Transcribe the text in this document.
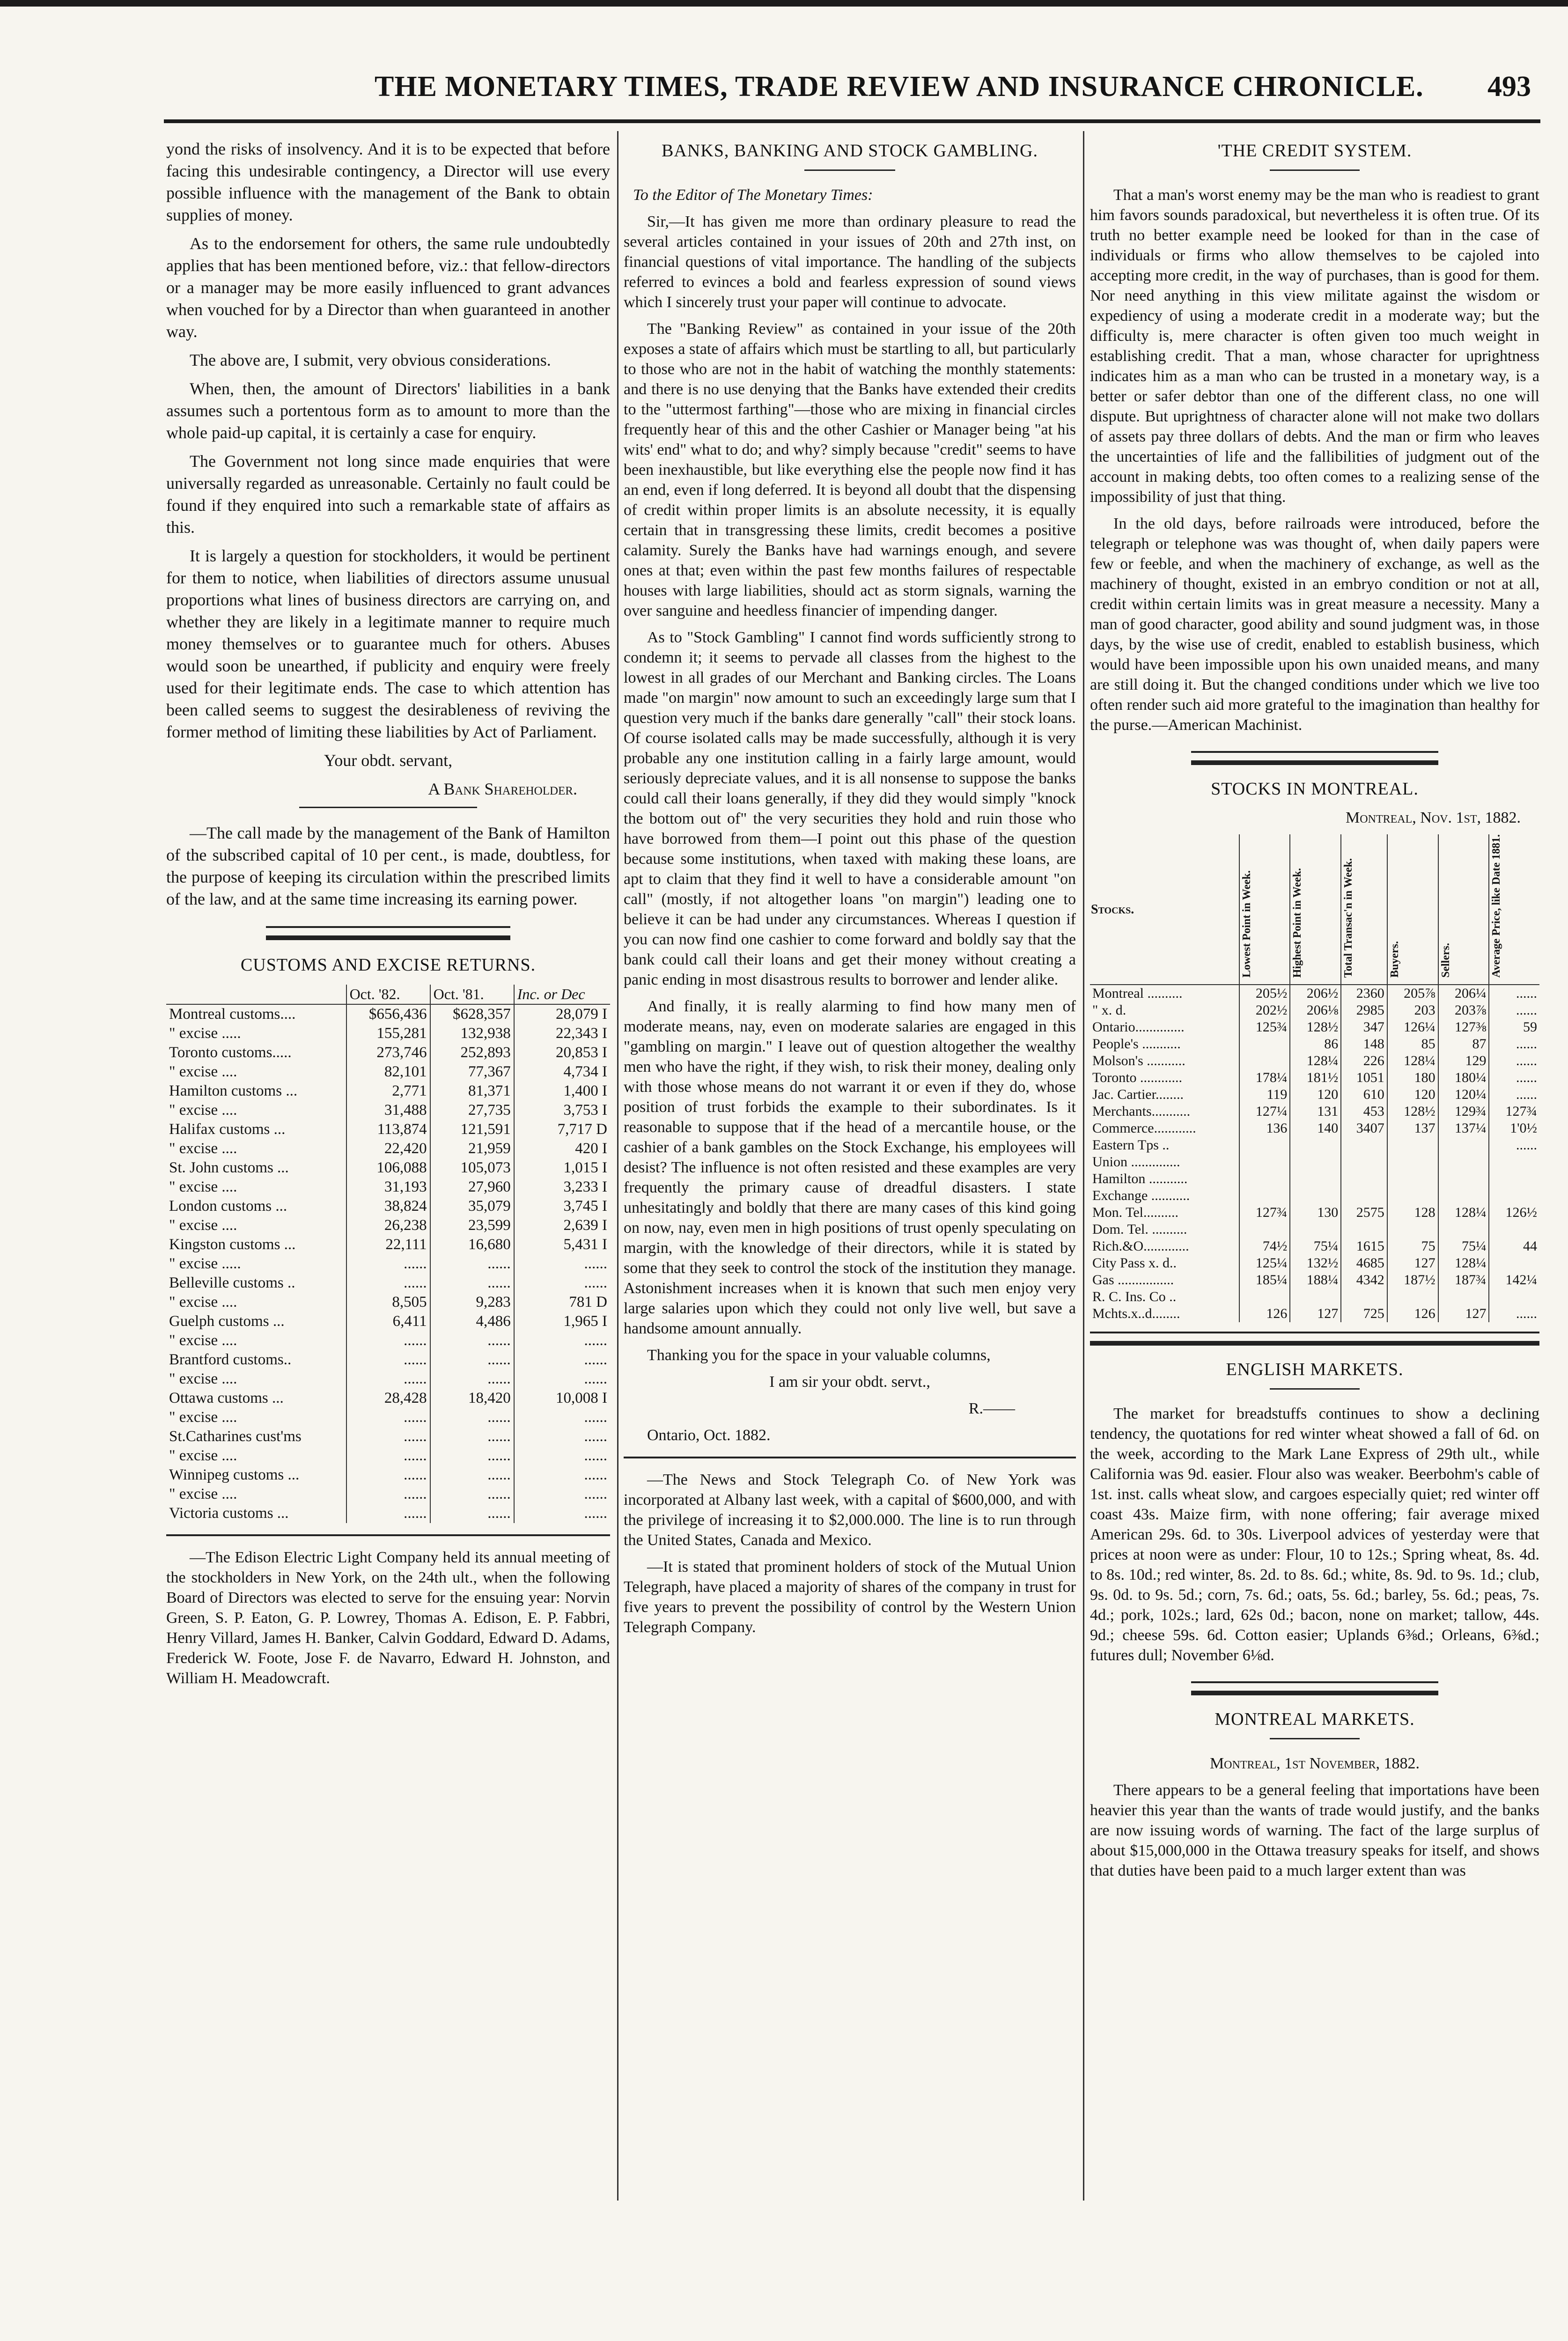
THE MONETARY TIMES, TRADE REVIEW AND INSURANCE CHRONICLE. 493

yond the risks of insolvency. And it is to be expected that before facing this undesirable contingency, a Director will use every possible influence with the management of the Bank to obtain supplies of money.

As to the endorsement for others, the same rule undoubtedly applies that has been mentioned before, viz.: that fellow-directors or a manager may be more easily influenced to grant advances when vouched for by a Director than when guaranteed in another way.

The above are, I submit, very obvious considerations.

When, then, the amount of Directors' liabilities in a bank assumes such a portentous form as to amount to more than the whole paid-up capital, it is certainly a case for enquiry.

The Government not long since made enquiries that were universally regarded as unreasonable. Certainly no fault could be found if they enquired into such a remarkable state of affairs as this.

It is largely a question for stockholders, it would be pertinent for them to notice, when liabilities of directors assume unusual proportions what lines of business directors are carrying on, and whether they are likely in a legitimate manner to require much money themselves or to guarantee much for others. Abuses would soon be unearthed, if publicity and enquiry were freely used for their legitimate ends. The case to which attention has been called seems to suggest the desirableness of reviving the former method of limiting these liabilities by Act of Parliament.

Your obdt. servant,

A Bank Shareholder.

—The call made by the management of the Bank of Hamilton of the subscribed capital of 10 per cent., is made, doubtless, for the purpose of keeping its circulation within the prescribed limits of the law, and at the same time increasing its earning power.

CUSTOMS AND EXCISE RETURNS.
	Oct. '82.	Oct. '81.	Inc. or Dec
Montreal customs....	$656,436	$628,357	28,079 I
" excise .....	155,281	132,938	22,343 I
Toronto customs.....	273,746	252,893	20,853 I
" excise ....	82,101	77,367	4,734 I
Hamilton customs ...	2,771	81,371	1,400 I
" excise ....	31,488	27,735	3,753 I
Halifax customs ...	113,874	121,591	7,717 D
" excise ....	22,420	21,959	420 I
St. John customs ...	106,088	105,073	1,015 I
" excise ....	31,193	27,960	3,233 I
London customs ...	38,824	35,079	3,745 I
" excise ....	26,238	23,599	2,639 I
Kingston customs ...	22,111	16,680	5,431 I
" excise .....	......	......	......
Belleville customs ..	......	......	......
" excise ....	8,505	9,283	781 D
Guelph customs ...	6,411	4,486	1,965 I
" excise ....	......	......	......
Brantford customs..	......	......	......
" excise ....	......	......	......
Ottawa customs ...	28,428	18,420	10,008 I
" excise ....	......	......	......
St.Catharines cust'ms	......	......	......
" excise ....	......	......	......
Winnipeg customs ...	......	......	......
" excise ....	......	......	......
Victoria customs ...	......	......	......

—The Edison Electric Light Company held its annual meeting of the stockholders in New York, on the 24th ult., when the following Board of Directors was elected to serve for the ensuing year: Norvin Green, S. P. Eaton, G. P. Lowrey, Thomas A. Edison, E. P. Fabbri, Henry Villard, James H. Banker, Calvin Goddard, Edward D. Adams, Frederick W. Foote, Jose F. de Navarro, Edward H. Johnston, and William H. Meadowcraft.

BANKS, BANKING AND STOCK GAMBLING.

To the Editor of The Monetary Times:

Sir,—It has given me more than ordinary pleasure to read the several articles contained in your issues of 20th and 27th inst, on financial questions of vital importance. The handling of the subjects referred to evinces a bold and fearless expression of sound views which I sincerely trust your paper will continue to advocate.

The "Banking Review" as contained in your issue of the 20th exposes a state of affairs which must be startling to all, but particularly to those who are not in the habit of watching the monthly statements: and there is no use denying that the Banks have extended their credits to the "uttermost farthing"—those who are mixing in financial circles frequently hear of this and the other Cashier or Manager being "at his wits' end" what to do; and why? simply because "credit" seems to have been inexhaustible, but like everything else the people now find it has an end, even if long deferred. It is beyond all doubt that the dispensing of credit within proper limits is an absolute necessity, it is equally certain that in transgressing these limits, credit becomes a positive calamity. Surely the Banks have had warnings enough, and severe ones at that; even within the past few months failures of respectable houses with large liabilities, should act as storm signals, warning the over sanguine and heedless financier of impending danger.

As to "Stock Gambling" I cannot find words sufficiently strong to condemn it; it seems to pervade all classes from the highest to the lowest in all grades of our Merchant and Banking circles. The Loans made "on margin" now amount to such an exceedingly large sum that I question very much if the banks dare generally "call" their stock loans. Of course isolated calls may be made successfully, although it is very probable any one institution calling in a fairly large amount, would seriously depreciate values, and it is all nonsense to suppose the banks could call their loans generally, if they did they would simply "knock the bottom out of" the very securities they hold and ruin those who have borrowed from them—I point out this phase of the question because some institutions, when taxed with making these loans, are apt to claim that they find it well to have a considerable amount "on call" (mostly, if not altogether loans "on margin") leading one to believe it can be had under any circumstances. Whereas I question if you can now find one cashier to come forward and boldly say that the bank could call their loans and get their money without creating a panic ending in most disastrous results to borrower and lender alike.

And finally, it is really alarming to find how many men of moderate means, nay, even on moderate salaries are engaged in this "gambling on margin." I leave out of question altogether the wealthy men who have the right, if they wish, to risk their money, dealing only with those whose means do not warrant it or even if they do, whose position of trust forbids the example to their subordinates. Is it reasonable to suppose that if the head of a mercantile house, or the cashier of a bank gambles on the Stock Exchange, his employees will desist? The influence is not often resisted and these examples are very frequently the primary cause of dreadful disasters. I state unhesitatingly and boldly that there are many cases of this kind going on now, nay, even men in high positions of trust openly speculating on margin, with the knowledge of their directors, while it is stated by some that they seek to control the stock of the institution they manage. Astonishment increases when it is known that such men enjoy very large salaries upon which they could not only live well, but save a handsome amount annually.

Thanking you for the space in your valuable columns,

I am sir your obdt. servt.,

R.——

Ontario, Oct. 1882.

—The News and Stock Telegraph Co. of New York was incorporated at Albany last week, with a capital of $600,000, and with the privilege of increasing it to $2,000.000. The line is to run through the United States, Canada and Mexico.

—It is stated that prominent holders of stock of the Mutual Union Telegraph, have placed a majority of shares of the company in trust for five years to prevent the possibility of control by the Western Union Telegraph Company.

'THE CREDIT SYSTEM.

That a man's worst enemy may be the man who is readiest to grant him favors sounds paradoxical, but nevertheless it is often true. Of its truth no better example need be looked for than in the case of individuals or firms who allow themselves to be cajoled into accepting more credit, in the way of purchases, than is good for them. Nor need anything in this view militate against the wisdom or expediency of using a moderate credit in a moderate way; but the difficulty is, mere character is often given too much weight in establishing credit. That a man, whose character for uprightness indicates him as a man who can be trusted in a monetary way, is a better or safer debtor than one of the different class, no one will dispute. But uprightness of character alone will not make two dollars of assets pay three dollars of debts. And the man or firm who leaves the uncertainties of life and the fallibilities of judgment out of the account in making debts, too often comes to a realizing sense of the impossibility of just that thing.

In the old days, before railroads were introduced, before the telegraph or telephone was was thought of, when daily papers were few or feeble, and when the machinery of exchange, as well as the machinery of thought, existed in an embryo condition or not at all, credit within certain limits was in great measure a necessity. Many a man of good character, good ability and sound judgment was, in those days, by the wise use of credit, enabled to establish business, which would have been impossible upon his own unaided means, and many are still doing it. But the changed conditions under which we live too often render such aid more grateful to the imagination than healthy for the purse.—American Machinist.

STOCKS IN MONTREAL.

Montreal, Nov. 1st, 1882.

Stocks.	Lowest Point in Week.	Highest Point in Week.	Total Transac'n in Week.	Buyers.	Sellers.	Average Price, like Date 1881.
Montreal ..........	205½	206½	2360	205⅞	206¼	......
" x. d.	202½	206⅛	2985	203	203⅞	......
Ontario..............	125¾	128½	347	126¼	127⅜	59
People's ...........		86	148	85	87	......
Molson's ...........		128¼	226	128¼	129	......
Toronto ............	178¼	181½	1051	180	180¼	......
Jac. Cartier........	119	120	610	120	120¼	......
Merchants...........	127¼	131	453	128½	129¾	127¾
Commerce............	136	140	3407	137	137¼	1'0½
Eastern Tps ..						......
Union ..............						
Hamilton ...........						
Exchange ...........						
Mon. Tel..........	127¾	130	2575	128	128¼	126½
Dom. Tel. ..........						
Rich.&O.............	74½	75¼	1615	75	75¼	44
City Pass x. d..	125¼	132½	4685	127	128¼	
Gas ................	185¼	188¼	4342	187½	187¾	142¼
R. C. Ins. Co ..						
Mchts.x..d........	126	127	725	126	127	......
ENGLISH MARKETS.

The market for breadstuffs continues to show a declining tendency, the quotations for red winter wheat showed a fall of 6d. on the week, according to the Mark Lane Express of 29th ult., while California was 9d. easier. Flour also was weaker. Beerbohm's cable of 1st. inst. calls wheat slow, and cargoes especially quiet; red winter off coast 43s. Maize firm, with none offering; fair average mixed American 29s. 6d. to 30s. Liverpool advices of yesterday were that prices at noon were as under: Flour, 10 to 12s.; Spring wheat, 8s. 4d. to 8s. 10d.; red winter, 8s. 2d. to 8s. 6d.; white, 8s. 9d. to 9s. 1d.; club, 9s. 0d. to 9s. 5d.; corn, 7s. 6d.; oats, 5s. 6d.; barley, 5s. 6d.; peas, 7s. 4d.; pork, 102s.; lard, 62s 0d.; bacon, none on market; tallow, 44s. 9d.; cheese 59s. 6d. Cotton easier; Uplands 6⅜d.; Orleans, 6⅜d.; futures dull; November 6⅛d.

MONTREAL MARKETS.

Montreal, 1st November, 1882.

There appears to be a general feeling that importations have been heavier this year than the wants of trade would justify, and the banks are now issuing words of warning. The fact of the large surplus of about $15,000,000 in the Ottawa treasury speaks for itself, and shows that duties have been paid to a much larger extent than was
